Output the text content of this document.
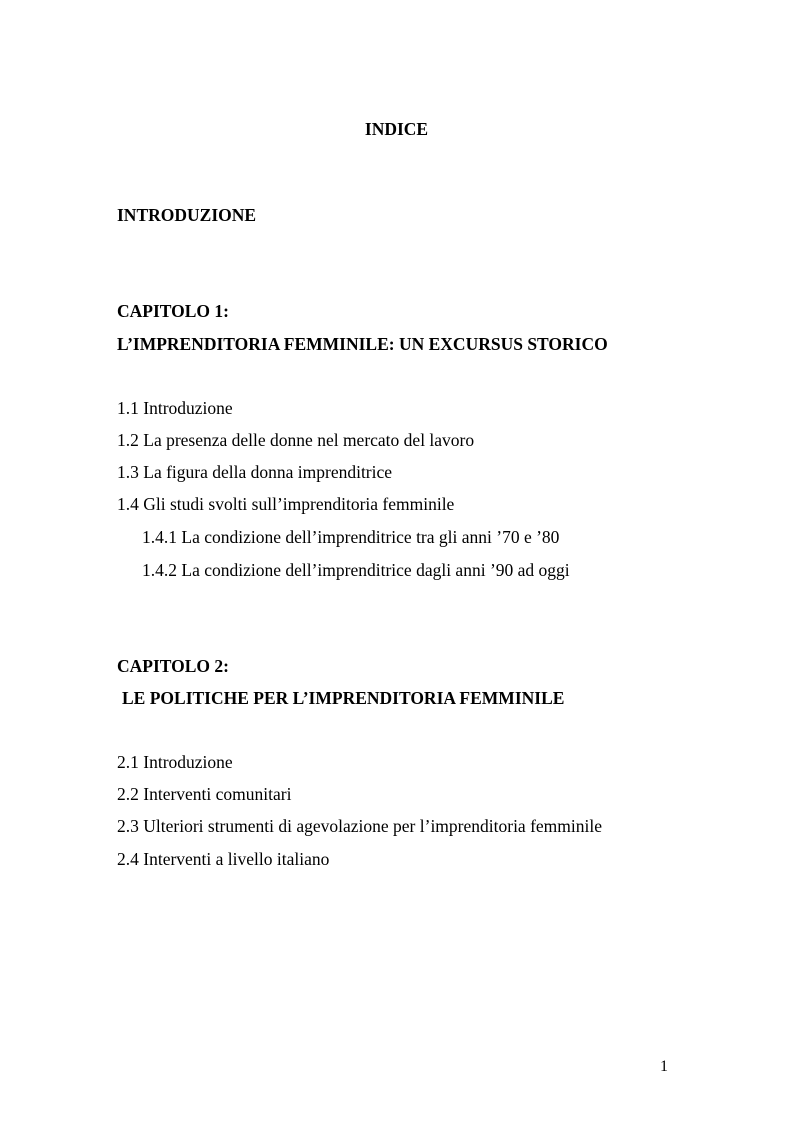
INDICE
INTRODUZIONE
CAPITOLO 1:
L’IMPRENDITORIA FEMMINILE: UN EXCURSUS STORICO
1.1 Introduzione
1.2 La presenza delle donne nel mercato del lavoro
1.3 La figura della donna imprenditrice
1.4 Gli studi svolti sull’imprenditoria femminile
1.4.1 La condizione dell’imprenditrice tra gli anni ’70 e ’80
1.4.2 La condizione dell’imprenditrice dagli anni ’90 ad oggi
CAPITOLO 2:
LE POLITICHE PER L’IMPRENDITORIA FEMMINILE
2.1 Introduzione
2.2 Interventi comunitari
2.3 Ulteriori strumenti di agevolazione per l’imprenditoria femminile
2.4 Interventi a livello italiano
1
